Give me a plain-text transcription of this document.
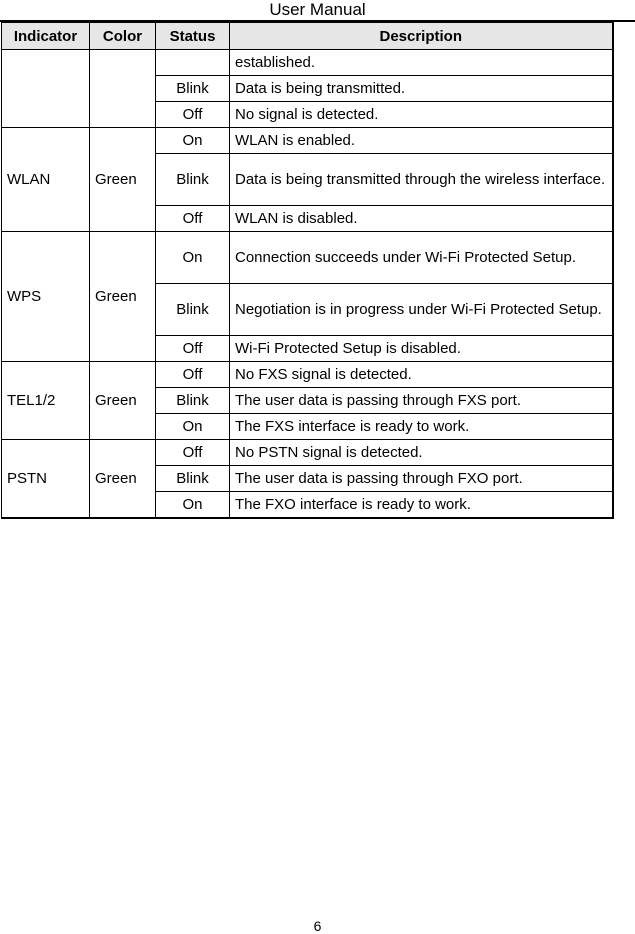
User Manual
Indicator	Color	Status	Description
			established.
		Blink	Data is being transmitted.
		Off	No signal is detected.
WLAN	Green	On	WLAN is enabled.
		Blink	Data is being transmitted through the wireless interface.
		Off	WLAN is disabled.
WPS	Green	On	Connection succeeds under Wi-Fi Protected Setup.
		Blink	Negotiation is in progress under Wi-Fi Protected Setup.
		Off	Wi-Fi Protected Setup is disabled.
TEL1/2	Green	Off	No FXS signal is detected.
		Blink	The user data is passing through FXS port.
		On	The FXS interface is ready to work.
PSTN	Green	Off	No PSTN signal is detected.
		Blink	The user data is passing through FXO port.
		On	The FXO interface is ready to work.
6
